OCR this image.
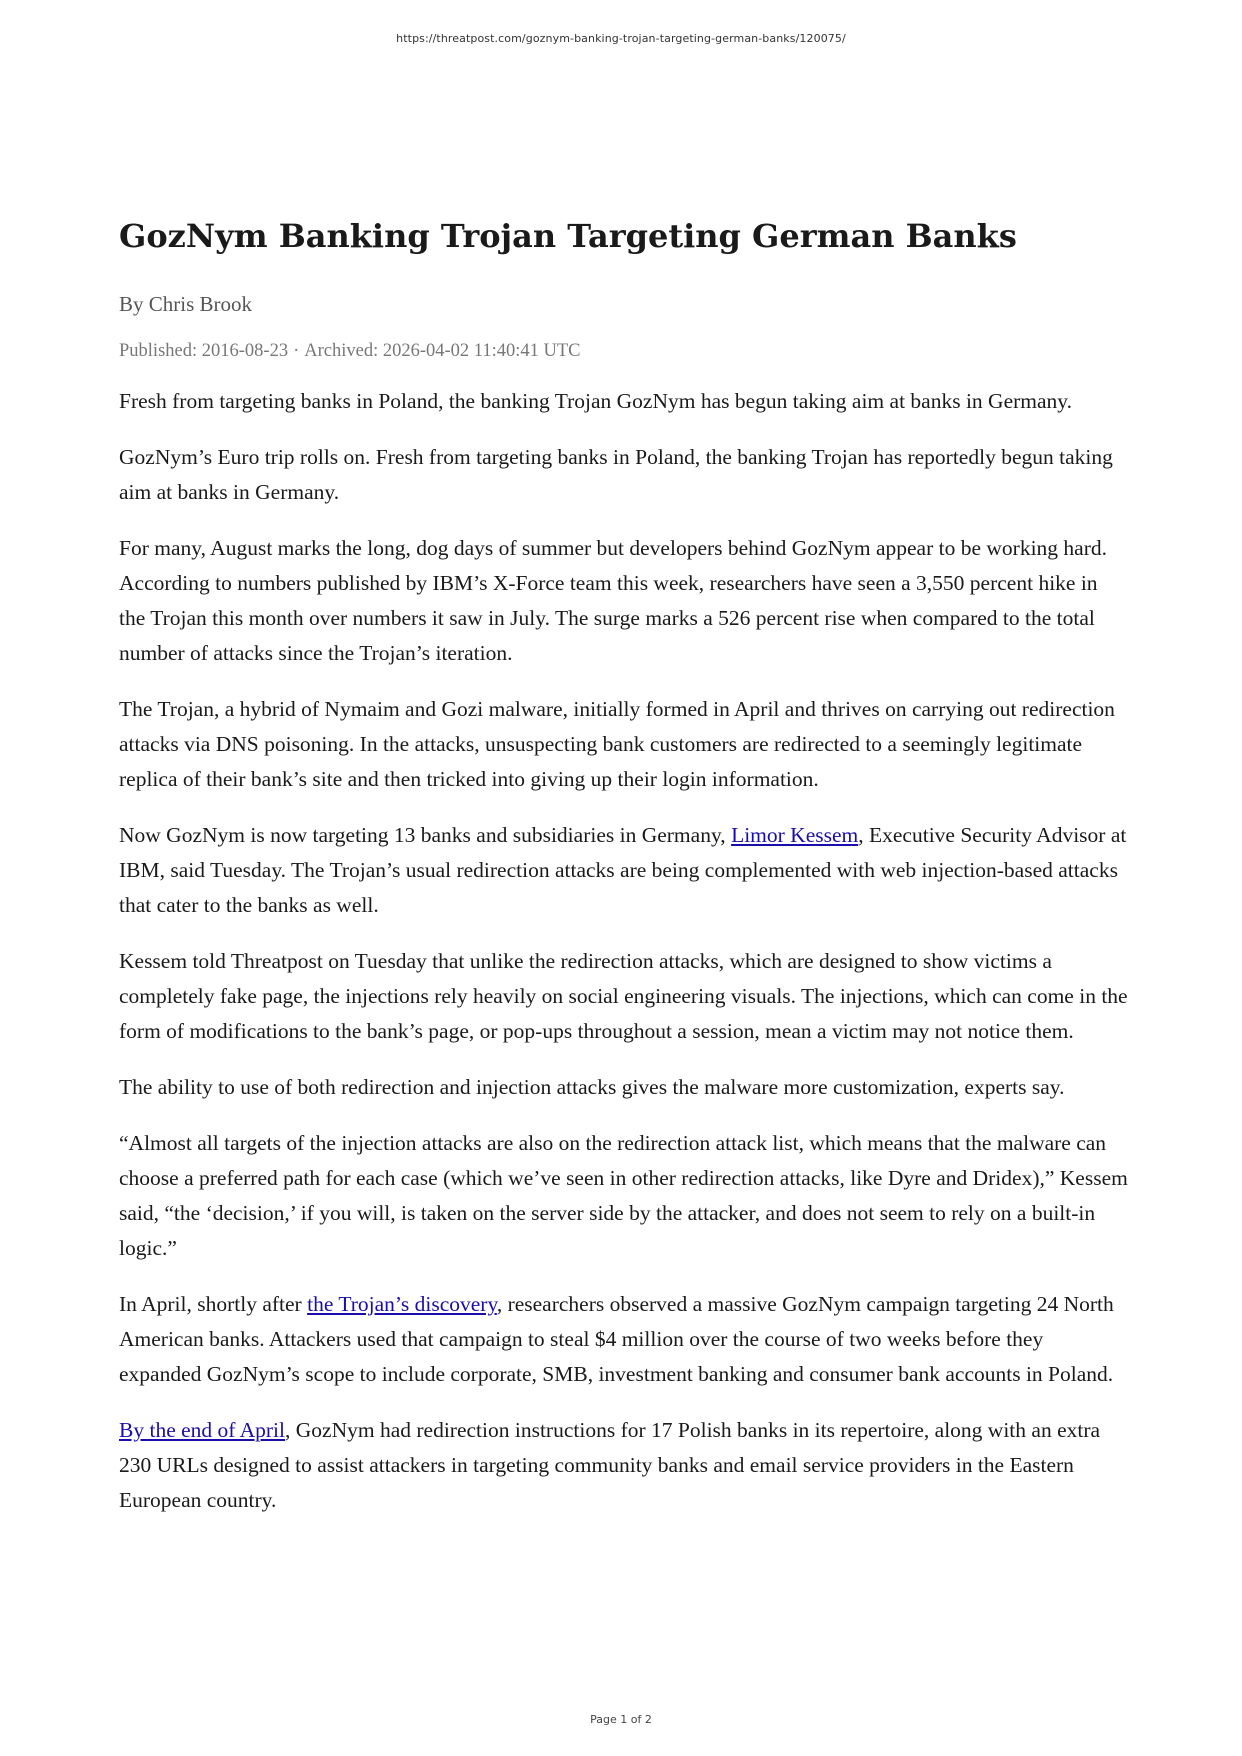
https://threatpost.com/goznym-banking-trojan-targeting-german-banks/120075/
GozNym Banking Trojan Targeting German Banks
By Chris Brook
Published: 2016-08-23 · Archived: 2026-04-02 11:40:41 UTC

Fresh from targeting banks in Poland, the banking Trojan GozNym has begun taking aim at banks in Germany.

GozNym’s Euro trip rolls on. Fresh from targeting banks in Poland, the banking Trojan has reportedly begun taking aim at banks in Germany.

For many, August marks the long, dog days of summer but developers behind GozNym appear to be working hard. According to numbers published by IBM’s X-Force team this week, researchers have seen a 3,550 percent hike in the Trojan this month over numbers it saw in July. The surge marks a 526 percent rise when compared to the total number of attacks since the Trojan’s iteration.

The Trojan, a hybrid of Nymaim and Gozi malware, initially formed in April and thrives on carrying out redirection attacks via DNS poisoning. In the attacks, unsuspecting bank customers are redirected to a seemingly legitimate replica of their bank’s site and then tricked into giving up their login information.

Now GozNym is now targeting 13 banks and subsidiaries in Germany, Limor Kessem, Executive Security Advisor at IBM, said Tuesday. The Trojan’s usual redirection attacks are being complemented with web injection-based attacks that cater to the banks as well.

Kessem told Threatpost on Tuesday that unlike the redirection attacks, which are designed to show victims a completely fake page, the injections rely heavily on social engineering visuals. The injections, which can come in the form of modifications to the bank’s page, or pop-ups throughout a session, mean a victim may not notice them.

The ability to use of both redirection and injection attacks gives the malware more customization, experts say.

“Almost all targets of the injection attacks are also on the redirection attack list, which means that the malware can choose a preferred path for each case (which we’ve seen in other redirection attacks, like Dyre and Dridex),” Kessem said, “the ‘decision,’ if you will, is taken on the server side by the attacker, and does not seem to rely on a built-in logic.”

In April, shortly after the Trojan’s discovery, researchers observed a massive GozNym campaign targeting 24 North American banks. Attackers used that campaign to steal $4 million over the course of two weeks before they expanded GozNym’s scope to include corporate, SMB, investment banking and consumer bank accounts in Poland.

By the end of April, GozNym had redirection instructions for 17 Polish banks in its repertoire, along with an extra 230 URLs designed to assist attackers in targeting community banks and email service providers in the Eastern European country.

Page 1 of 2
